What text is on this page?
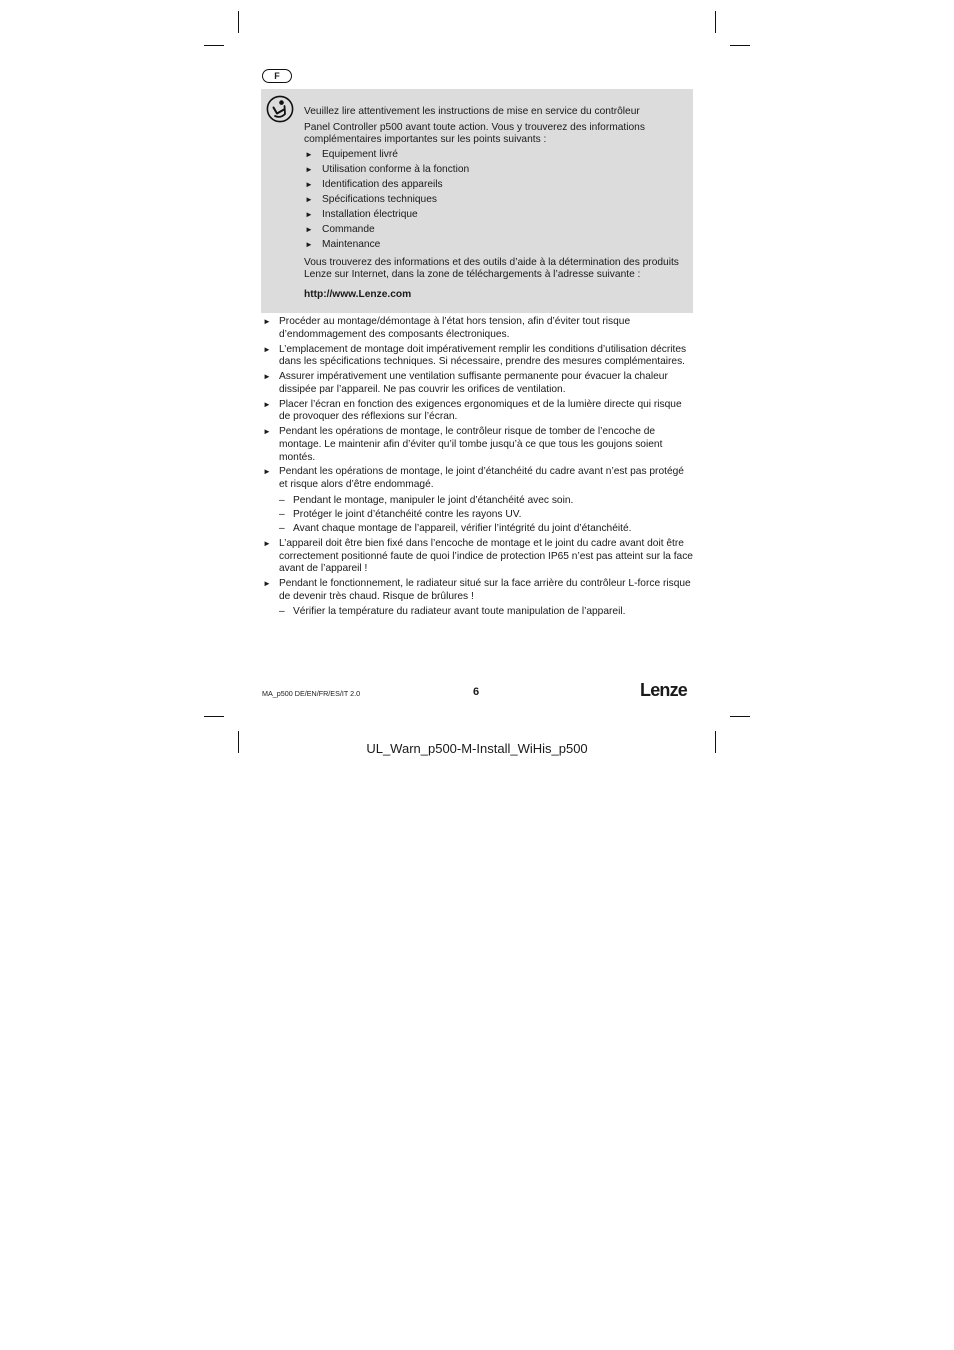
F

Veuillez lire attentivement les instructions de mise en service du contrôleur

Panel Controller p500 avant toute action. Vous y trouverez des informations complémentaires importantes sur les points suivants :

► Equipement livré
► Utilisation conforme à la fonction
► Identification des appareils
► Spécifications techniques
► Installation électrique
► Commande
► Maintenance

Vous trouverez des informations et des outils d’aide à la détermination des produits Lenze sur Internet, dans la zone de téléchargements à l’adresse suivante :

http://www.Lenze.com

► Procéder au montage/démontage à l’état hors tension, afin d’éviter tout risque d’endommagement des composants électroniques.
► L’emplacement de montage doit impérativement remplir les conditions d’utilisation décrites dans les spécifications techniques. Si nécessaire, prendre des mesures complémentaires.
► Assurer impérativement une ventilation suffisante permanente pour évacuer la chaleur dissipée par l’appareil. Ne pas couvrir les orifices de ventilation.
► Placer l’écran en fonction des exigences ergonomiques et de la lumière directe qui risque de provoquer des réflexions sur l’écran.
► Pendant les opérations de montage, le contrôleur risque de tomber de l’encoche de montage. Le maintenir afin d’éviter qu’il tombe jusqu’à ce que tous les goujons soient montés.
► Pendant les opérations de montage, le joint d’étanchéité du cadre avant n’est pas protégé et risque alors d’être endommagé.
– Pendant le montage, manipuler le joint d’étanchéité avec soin.
– Protéger le joint d’étanchéité contre les rayons UV.
– Avant chaque montage de l’appareil, vérifier l’intégrité du joint d’étanchéité.
► L’appareil doit être bien fixé dans l’encoche de montage et le joint du cadre avant doit être correctement positionné faute de quoi l’indice de protection IP65 n’est pas atteint sur la face avant de l’appareil !
► Pendant le fonctionnement, le radiateur situé sur la face arrière du contrôleur L-force risque de devenir très chaud. Risque de brûlures !
– Vérifier la température du radiateur avant toute manipulation de l’appareil.
MA_p500 DE/EN/FR/ES/IT 2.0	6	Lenze
UL_Warn_p500-M-Install_WiHis_p500
